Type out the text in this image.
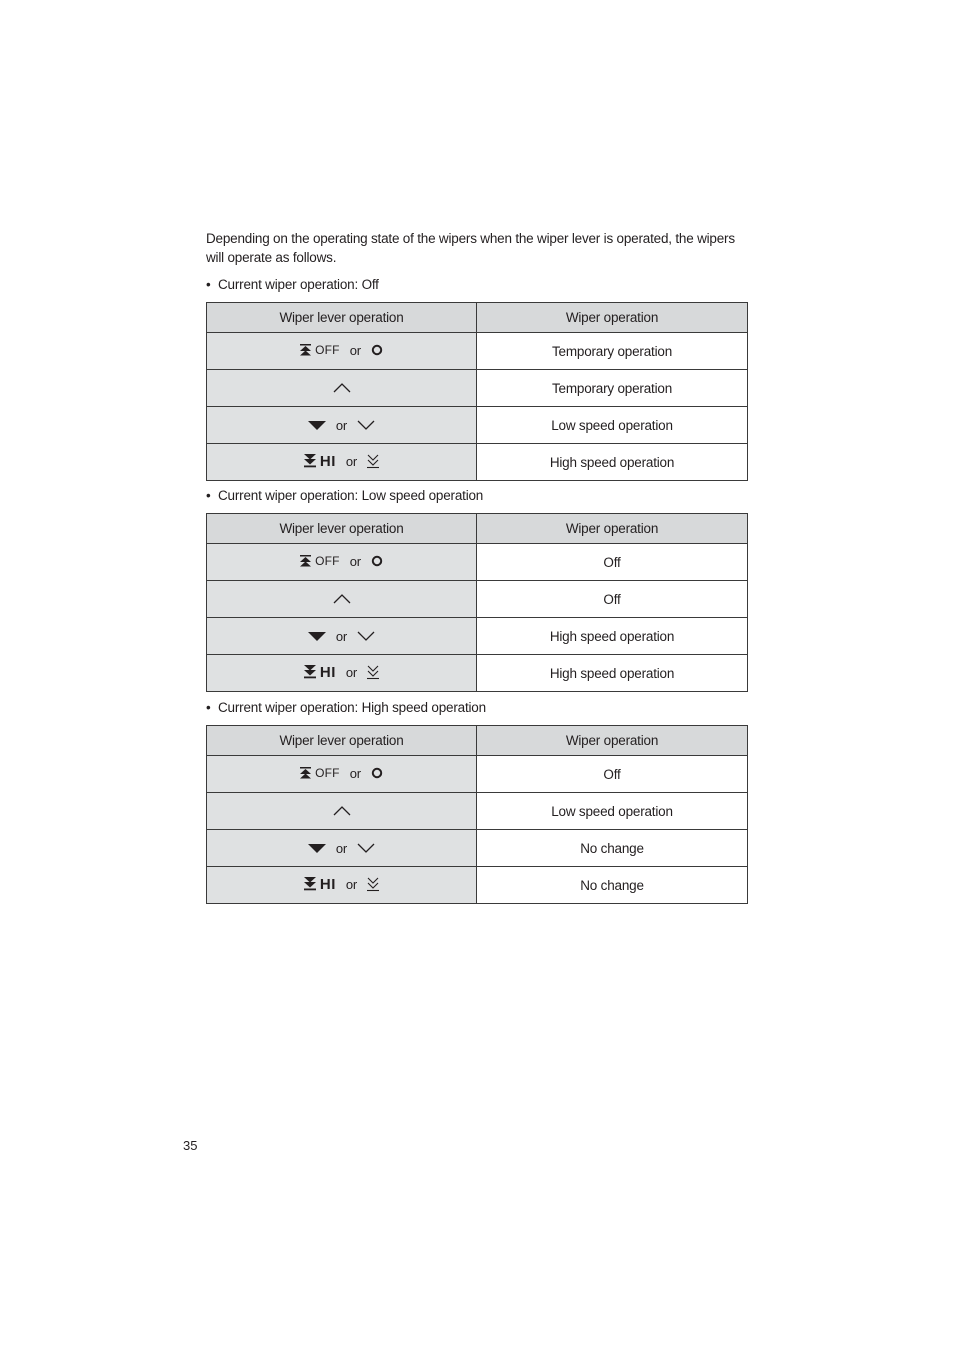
Depending on the operating state of the wipers when the wiper lever is operated, the wipers will operate as follows.

• Current wiper operation: Off

Wiper lever operation	Wiper operation

OFF or	Temporary operation

	Temporary operation

or	Low speed operation

HI or	High speed operation

• Current wiper operation: Low speed operation

Wiper lever operation	Wiper operation

OFF or	Off

	Off

or	High speed operation

HI or	High speed operation

• Current wiper operation: High speed operation

Wiper lever operation	Wiper operation

OFF or	Off

	Low speed operation

or	No change

HI or	No change

35
